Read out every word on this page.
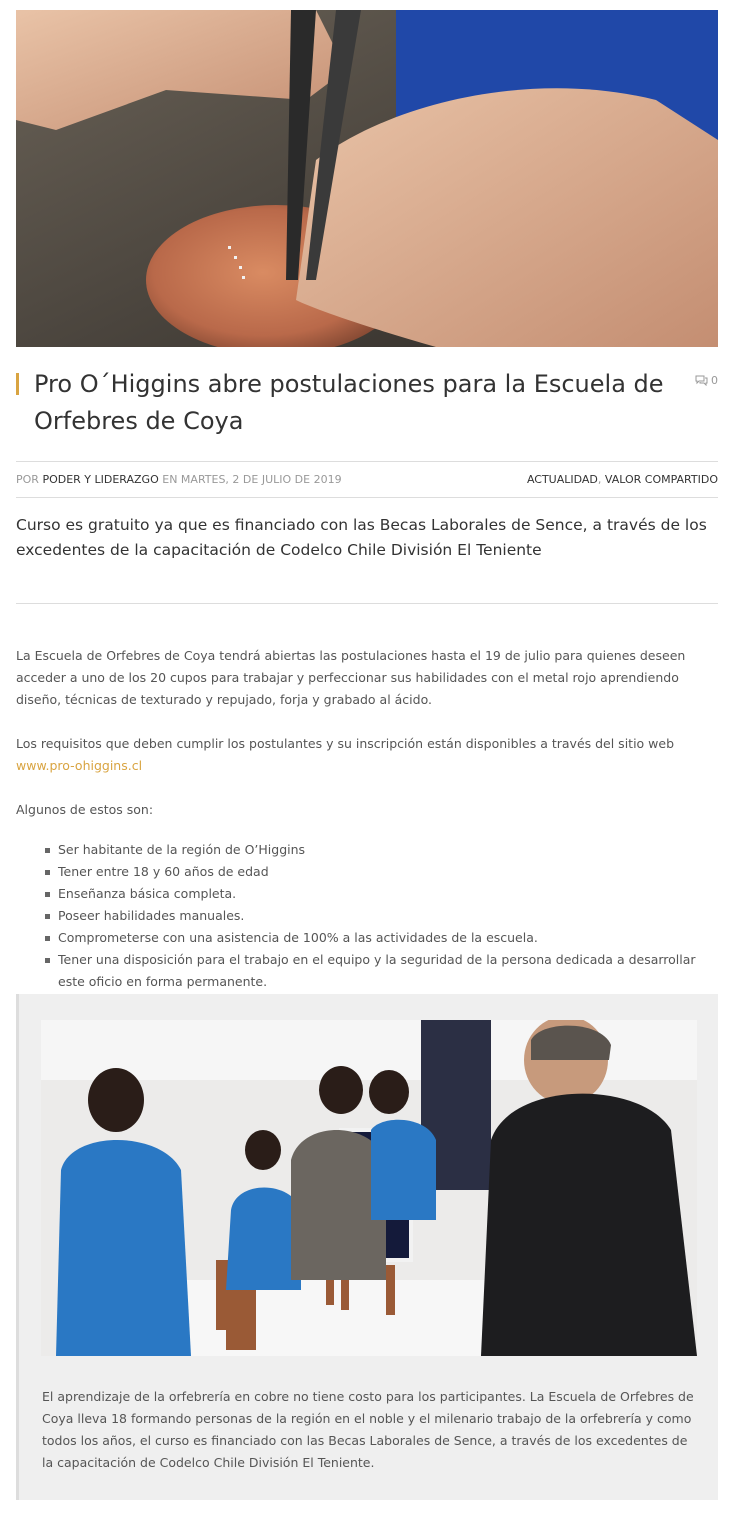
Pro O´Higgins abre postulaciones para la Escuela de Orfebres de Coya
0
POR PODER Y LIDERAZGO EN MARTES, 2 DE JULIO DE 2019	ACTUALIDAD, VALOR COMPARTIDO

Curso es gratuito ya que es financiado con las Becas Laborales de Sence, a través de los excedentes de la capacitación de Codelco Chile División El Teniente

La Escuela de Orfebres de Coya tendrá abiertas las postulaciones hasta el 19 de julio para quienes deseen acceder a uno de los 20 cupos para trabajar y perfeccionar sus habilidades con el metal rojo aprendiendo diseño, técnicas de texturado y repujado, forja y grabado al ácido.

Los requisitos que deben cumplir los postulantes y su inscripción están disponibles a través del sitio web www.pro-ohiggins.cl

Algunos de estos son:

Ser habitante de la región de O’Higgins
Tener entre 18 y 60 años de edad
Enseñanza básica completa.
Poseer habilidades manuales.
Comprometerse con una asistencia de 100% a las actividades de la escuela.
Tener una disposición para el trabajo en el equipo y la seguridad de la persona dedicada a desarrollar este oficio en forma permanente.

El aprendizaje de la orfebrería en cobre no tiene costo para los participantes. La Escuela de Orfebres de Coya lleva 18 formando personas de la región en el noble y el milenario trabajo de la orfebrería y como todos los años, el curso es financiado con las Becas Laborales de Sence, a través de los excedentes de la capacitación de Codelco Chile División El Teniente.
